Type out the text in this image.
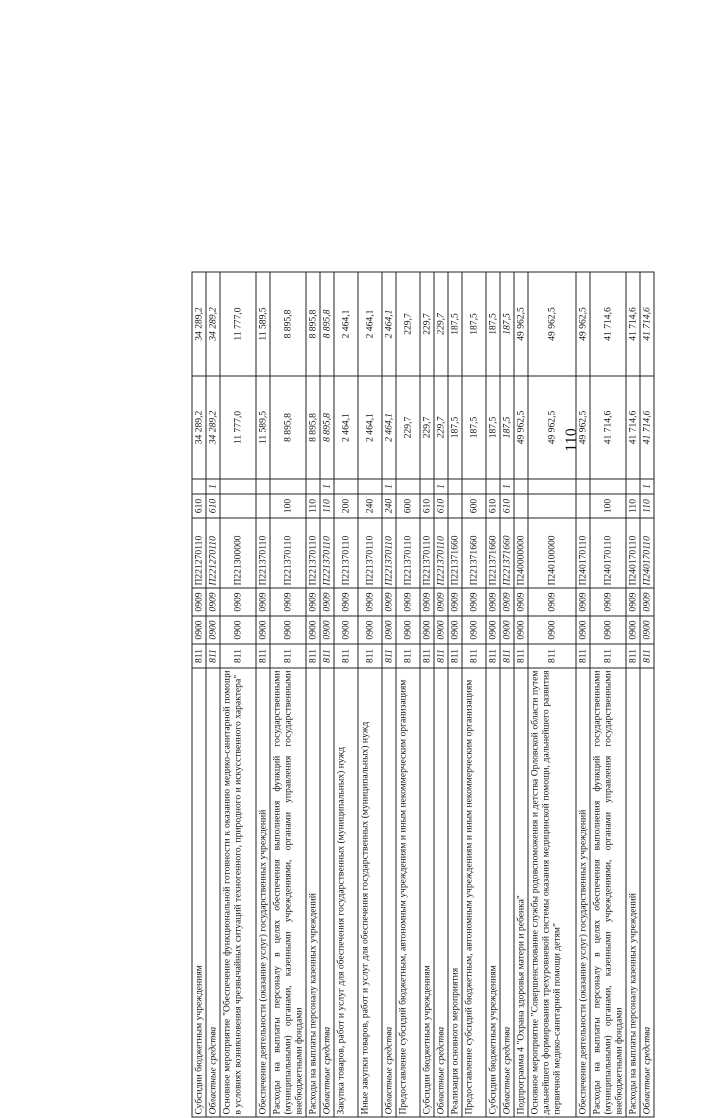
110
Субсидии бюджетным учреждениям	811	0900	0909	П221270110	610		34 289,2	34 289,2
Областные средства	811	0900	0909	П221270110	610	1	34 289,2	34 289,2
Основное мероприятие "Обеспечение функциональной готовности к оказанию медико-санитарной помощи в условиях возникновения чрезвычайных ситуаций техногенного, природного и искусственного характера"	811	0900	0909	П221300000			11 777,0	11 777,0
Обеспечение деятельности (оказание услуг) государственных учреждений	811	0900	0909	П221370110			11 589,5	11 589,5
Расходы на выплаты персоналу в целях обеспечения выполнения функций государственными (муниципальными) органами, казенными учреждениями, органами управления государственными внебюджетными фондами	811	0900	0909	П221370110	100		8 895,8	8 895,8
Расходы на выплаты персоналу казенных учреждений	811	0900	0909	П221370110	110		8 895,8	8 895,8
Областные средства	811	0900	0909	П221370110	110	1	8 895,8	8 895,8
Закупка товаров, работ и услуг для обеспечения государственных (муниципальных) нужд	811	0900	0909	П221370110	200		2 464,1	2 464,1
Иные закупки товаров, работ и услуг для обеспечения государственных (муниципальных) нужд	811	0900	0909	П221370110	240		2 464,1	2 464,1
Областные средства	811	0900	0909	П221370110	240	1	2 464,1	2 464,1
Предоставление субсидий бюджетным, автономным учреждениям и иным некоммерческим организациям	811	0900	0909	П221370110	600		229,7	229,7
Субсидии бюджетным учреждениям	811	0900	0909	П221370110	610		229,7	229,7
Областные средства	811	0900	0909	П221370110	610	1	229,7	229,7
Реализация основного мероприятия	811	0900	0909	П221371660			187,5	187,5
Предоставление субсидий бюджетным, автономным учреждениям и иным некоммерческим организациям	811	0900	0909	П221371660	600		187,5	187,5
Субсидии бюджетным учреждениям	811	0900	0909	П221371660	610		187,5	187,5
Областные средства	811	0900	0909	П221371660	610	1	187,5	187,5
Подпрограмма 4 "Охрана здоровья матери и ребенка"	811	0900	0909	П240000000			49 962,5	49 962,5
Основное мероприятие "Совершенствование службы родовспоможения и детства Орловской области путем дальнейшего формирования трехуровневой системы оказания медицинской помощи, дальнейшего развития первичной медико-санитарной помощи детям"	811	0900	0909	П240100000			49 962,5	49 962,5
Обеспечение деятельности (оказание услуг) государственных учреждений	811	0900	0909	П240170110			49 962,5	49 962,5
Расходы на выплаты персоналу в целях обеспечения выполнения функций государственными (муниципальными) органами, казенными учреждениями, органами управления государственными внебюджетными фондами	811	0900	0909	П240170110	100		41 714,6	41 714,6
Расходы на выплаты персоналу казенных учреждений	811	0900	0909	П240170110	110		41 714,6	41 714,6
Областные средства	811	0900	0909	П240170110	110	1	41 714,6	41 714,6
